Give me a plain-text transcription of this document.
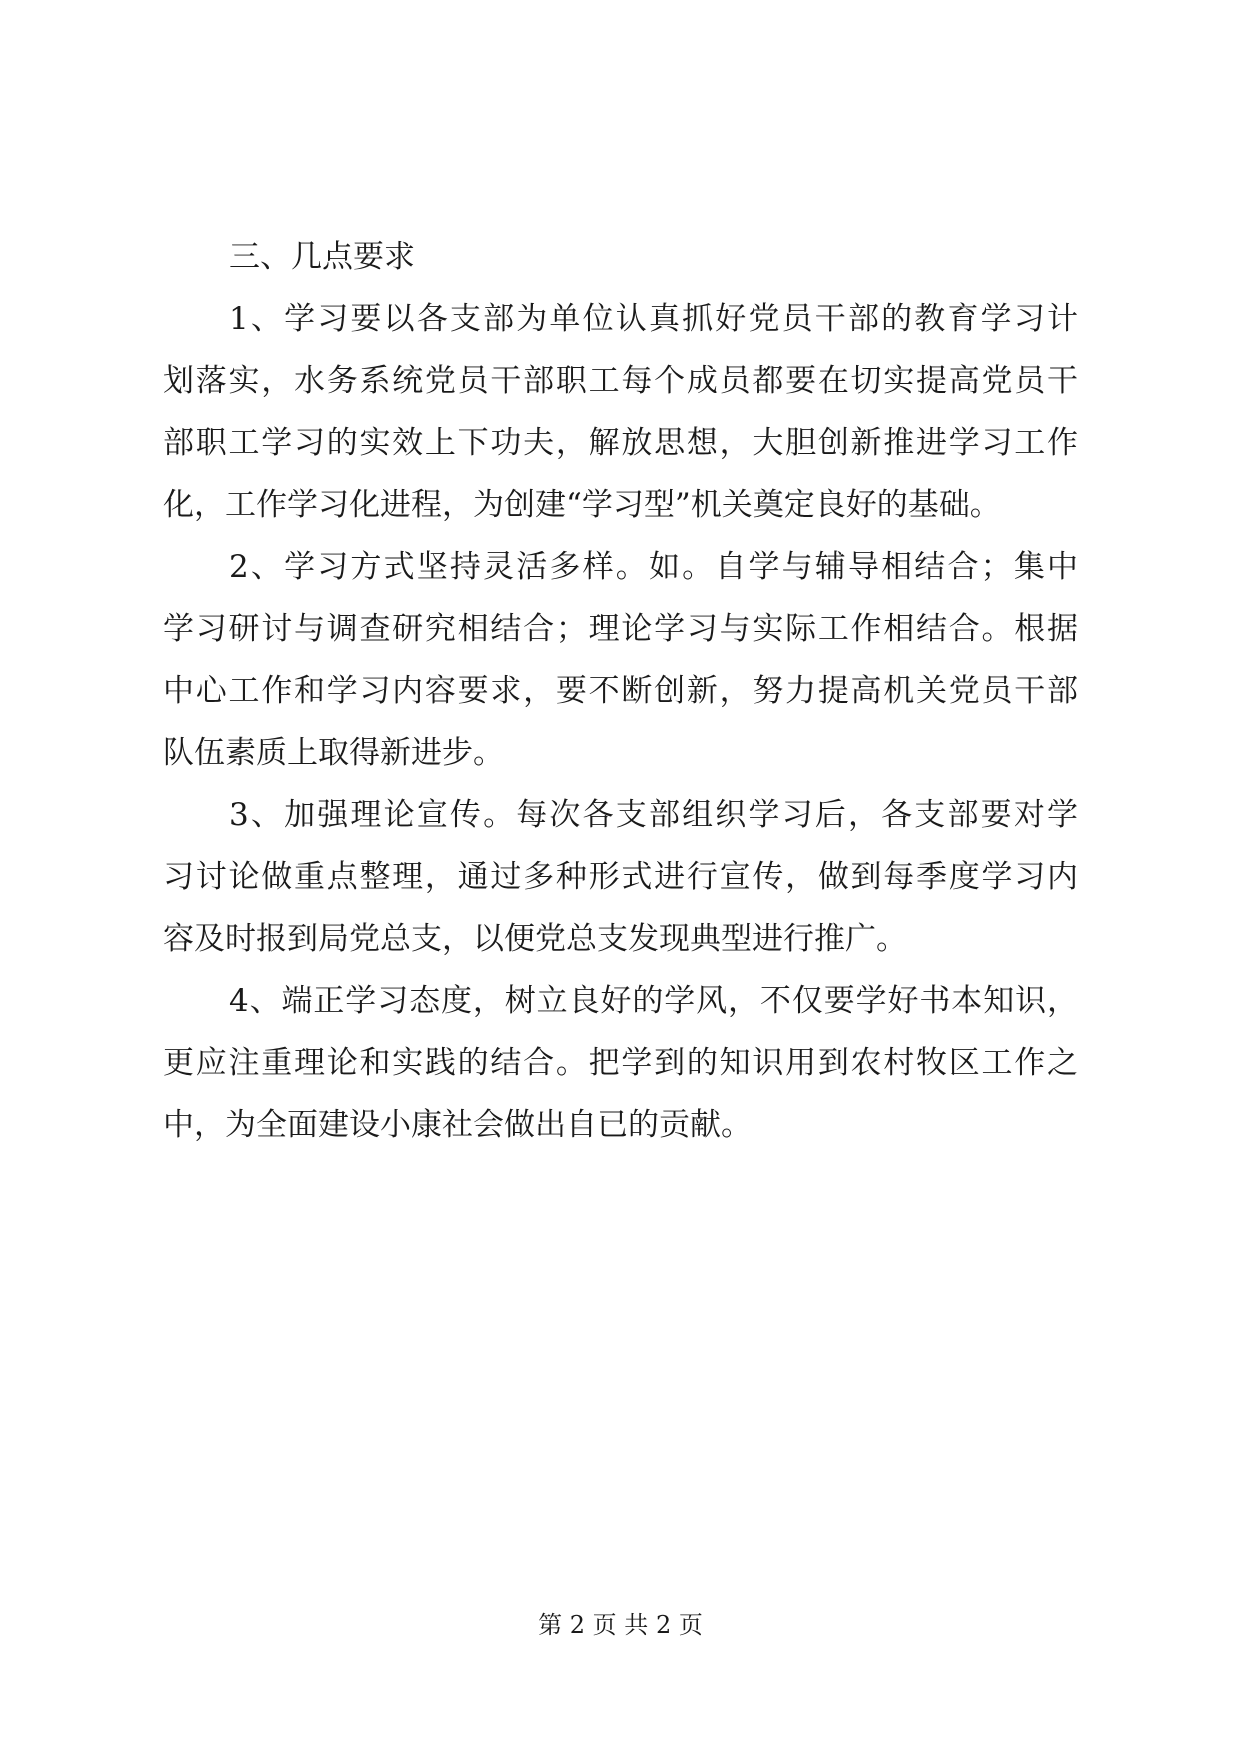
三、几点要求
1、学习要以各支部为单位认真抓好党员干部的教育学习计
划落实，水务系统党员干部职工每个成员都要在切实提高党员干
部职工学习的实效上下功夫，解放思想，大胆创新推进学习工作
化，工作学习化进程，为创建“学习型”机关奠定良好的基础。
2、学习方式坚持灵活多样。如。自学与辅导相结合；集中
学习研讨与调查研究相结合；理论学习与实际工作相结合。根据
中心工作和学习内容要求，要不断创新，努力提高机关党员干部
队伍素质上取得新进步。
3、加强理论宣传。每次各支部组织学习后，各支部要对学
习讨论做重点整理，通过多种形式进行宣传，做到每季度学习内
容及时报到局党总支，以便党总支发现典型进行推广。
4、端正学习态度，树立良好的学风，不仅要学好书本知识，
更应注重理论和实践的结合。把学到的知识用到农村牧区工作之
中，为全面建设小康社会做出自已的贡献。
第 2 页 共 2 页
